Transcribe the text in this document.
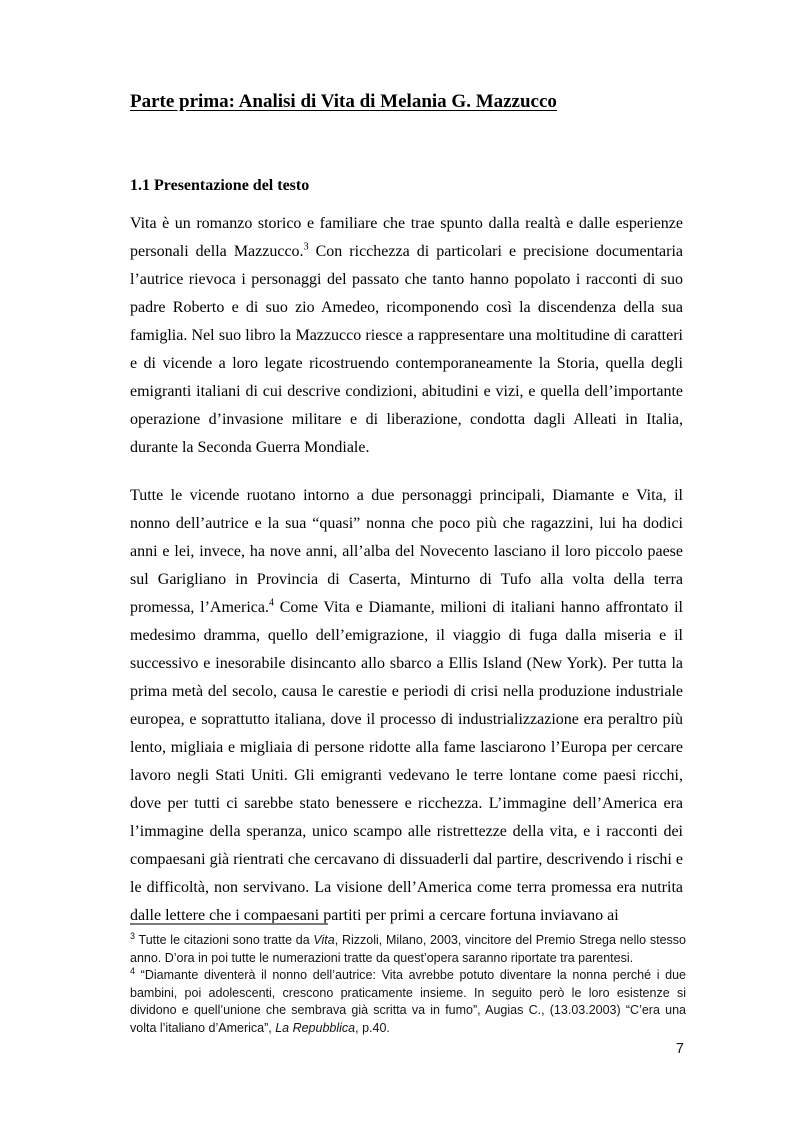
Parte prima: Analisi di Vita di Melania G. Mazzucco
1.1 Presentazione del testo

Vita è un romanzo storico e familiare che trae spunto dalla realtà e dalle esperienze personali della Mazzucco.$^3$ Con ricchezza di particolari e precisione documentaria l’autrice rievoca i personaggi del passato che tanto hanno popolato i racconti di suo padre Roberto e di suo zio Amedeo, ricomponendo così la discendenza della sua famiglia. Nel suo libro la Mazzucco riesce a rappresentare una moltitudine di caratteri e di vicende a loro legate ricostruendo contemporaneamente la Storia, quella degli emigranti italiani di cui descrive condizioni, abitudini e vizi, e quella dell’importante operazione d’invasione militare e di liberazione, condotta dagli Alleati in Italia, durante la Seconda Guerra Mondiale.

Tutte le vicende ruotano intorno a due personaggi principali, Diamante e Vita, il nonno dell’autrice e la sua “quasi” nonna che poco più che ragazzini, lui ha dodici anni e lei, invece, ha nove anni, all’alba del Novecento lasciano il loro piccolo paese sul Garigliano in Provincia di Caserta, Minturno di Tufo alla volta della terra promessa, l’America.$^4$ Come Vita e Diamante, milioni di italiani hanno affrontato il medesimo dramma, quello dell’emigrazione, il viaggio di fuga dalla miseria e il successivo e inesorabile disincanto allo sbarco a Ellis Island (New York). Per tutta la prima metà del secolo, causa le carestie e periodi di crisi nella produzione industriale europea, e soprattutto italiana, dove il processo di industrializzazione era peraltro più lento, migliaia e migliaia di persone ridotte alla fame lasciarono l’Europa per cercare lavoro negli Stati Uniti. Gli emigranti vedevano le terre lontane come paesi ricchi, dove per tutti ci sarebbe stato benessere e ricchezza. L’immagine dell’America era l’immagine della speranza, unico scampo alle ristrettezze della vita, e i racconti dei compaesani già rientrati che cercavano di dissuaderli dal partire, descrivendo i rischi e le difficoltà, non servivano. La visione dell’America come terra promessa era nutrita dalle lettere che i compaesani partiti per primi a cercare fortuna inviavano ai

$^3$ Tutte le citazioni sono tratte da Vita, Rizzoli, Milano, 2003, vincitore del Premio Strega nello stesso anno. D’ora in poi tutte le numerazioni tratte da quest’opera saranno riportate tra parentesi.

$^4$ “Diamante diventerà il nonno dell’autrice: Vita avrebbe potuto diventare la nonna perché i due bambini, poi adolescenti, crescono praticamente insieme. In seguito però le loro esistenze si dividono e quell’unione che sembrava già scritta va in fumo”, Augias C., (13.03.2003) “C’era una volta l’italiano d’America”, La Repubblica, p.40.

7
